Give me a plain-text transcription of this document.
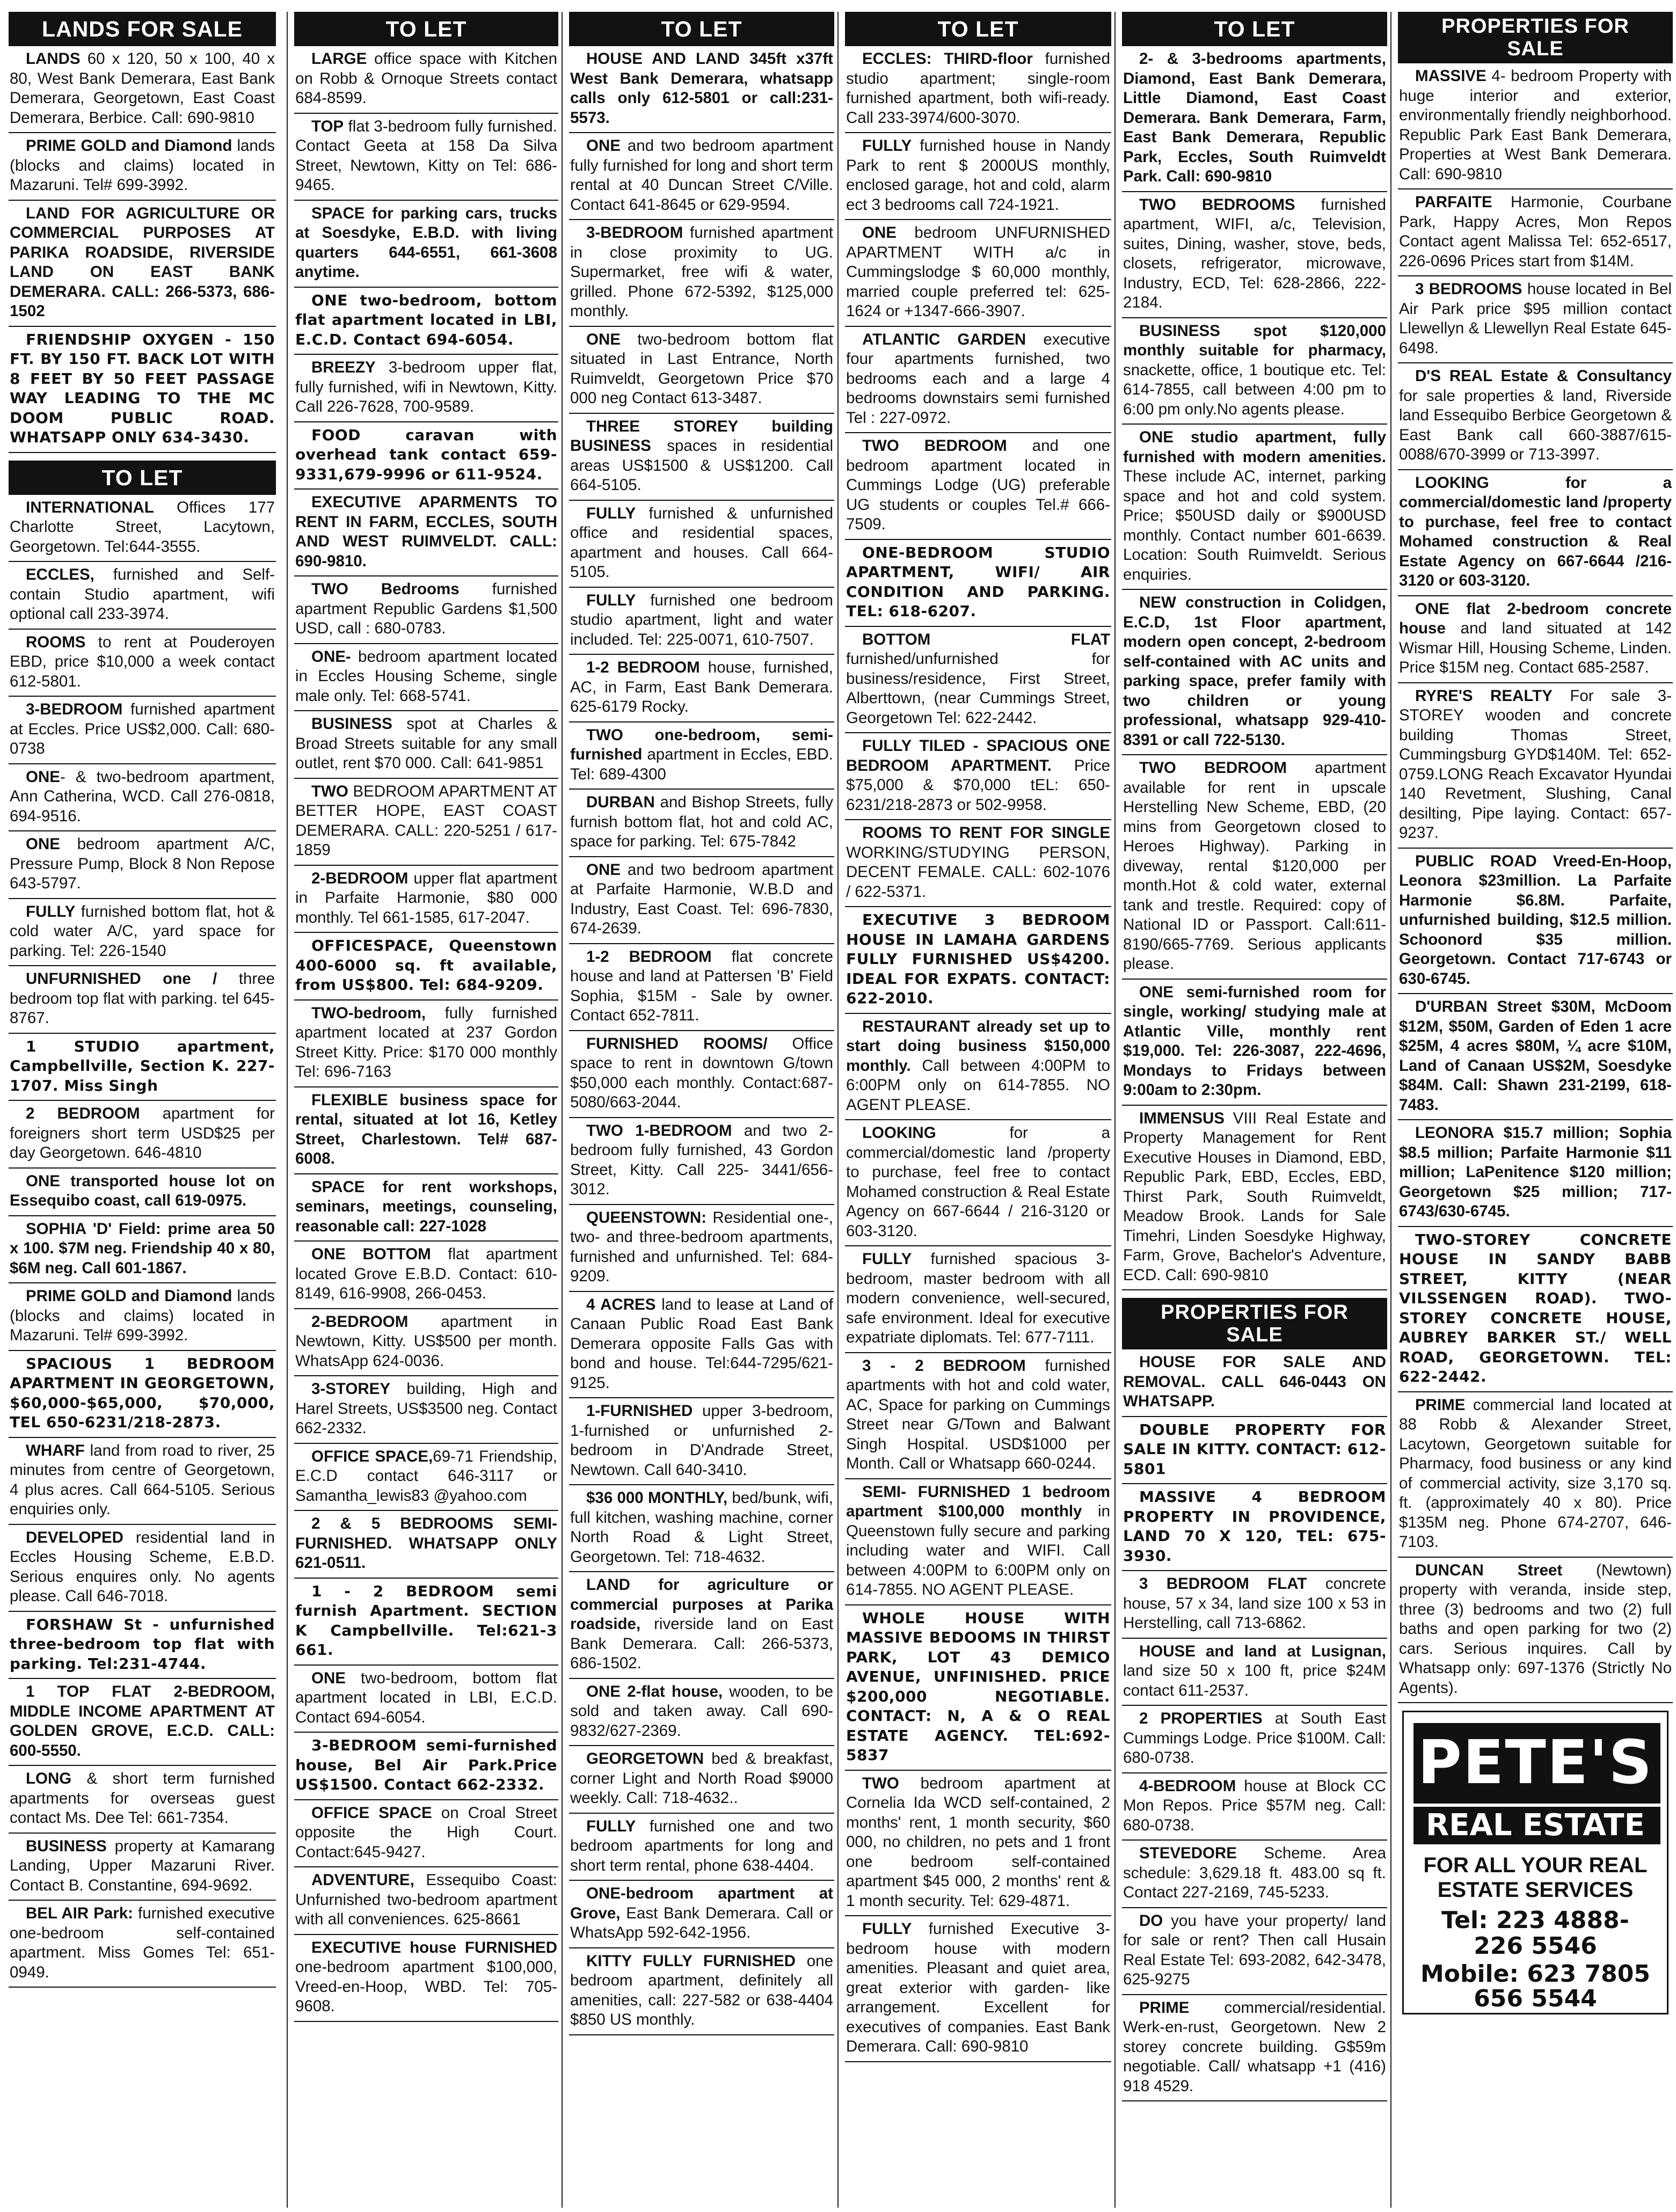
LANDS FOR SALE
LANDS 60 x 120, 50 x 100, 40 x 80, West Bank Demerara, East Bank Demerara, Georgetown, East Coast Demerara, Berbice. Call: 690-9810
PRIME GOLD and Diamond lands (blocks and claims) located in Mazaruni. Tel# 699-3992.
LAND FOR AGRICULTURE OR COMMERCIAL PURPOSES AT PARIKA ROADSIDE, RIVERSIDE LAND ON EAST BANK DEMERARA. CALL: 266-5373, 686-1502
FRIENDSHIP OXYGEN - 150 FT. BY 150 FT. BACK LOT WITH 8 FEET BY 50 FEET PASSAGE WAY LEADING TO THE MC DOOM PUBLIC ROAD. WHATSAPP ONLY 634-3430.
TO LET
INTERNATIONAL Offices 177 Charlotte Street, Lacytown, Georgetown. Tel:644-3555.
ECCLES, furnished and Self-contain Studio apartment, wifi optional call 233-3974.
ROOMS to rent at Pouderoyen EBD, price $10,000 a week contact 612-5801.
3-BEDROOM furnished apartment at Eccles. Price US$2,000. Call: 680-0738
ONE- & two-bedroom apartment, Ann Catherina, WCD. Call 276-0818, 694-9516.
ONE bedroom apartment A/C, Pressure Pump, Block 8 Non Repose 643-5797.
FULLY furnished bottom flat, hot & cold water A/C, yard space for parking. Tel: 226-1540
UNFURNISHED one / three bedroom top flat with parking. tel 645-8767.
1 STUDIO apartment, Campbellville, Section K. 227-1707. Miss Singh
2 BEDROOM apartment for foreigners short term USD$25 per day Georgetown. 646-4810
ONE transported house lot on Essequibo coast, call 619-0975.
SOPHIA 'D' Field: prime area 50 x 100. $7M neg. Friendship 40 x 80, $6M neg. Call 601-1867.
PRIME GOLD and Diamond lands (blocks and claims) located in Mazaruni. Tel# 699-3992.
SPACIOUS 1 BEDROOM APARTMENT IN GEORGETOWN, $60,000-$65,000, $70,000, TEL 650-6231/218-2873.
WHARF land from road to river, 25 minutes from centre of Georgetown, 4 plus acres. Call 664-5105. Serious enquiries only.
DEVELOPED residential land in Eccles Housing Scheme, E.B.D. Serious enquires only. No agents please. Call 646-7018.
FORSHAW St - unfurnished three-bedroom top flat with parking. Tel:231-4744.
1 TOP FLAT 2-BEDROOM, MIDDLE INCOME APARTMENT AT GOLDEN GROVE, E.C.D. CALL: 600-5550.
LONG & short term furnished apartments for overseas guest contact Ms. Dee Tel: 661-7354.
BUSINESS property at Kamarang Landing, Upper Mazaruni River. Contact B. Constantine, 694-9692.
BEL AIR Park: furnished executive one-bedroom self-contained apartment. Miss Gomes Tel: 651-0949.
TO LET
LARGE office space with Kitchen on Robb & Ornoque Streets contact 684-8599.
TOP flat 3-bedroom fully furnished. Contact Geeta at 158 Da Silva Street, Newtown, Kitty on Tel: 686-9465.
SPACE for parking cars, trucks at Soesdyke, E.B.D. with living quarters 644-6551, 661-3608 anytime.
ONE two-bedroom, bottom flat apartment located in LBI, E.C.D. Contact 694-6054.
BREEZY 3-bedroom upper flat, fully furnished, wifi in Newtown, Kitty. Call 226-7628, 700-9589.
FOOD caravan with overhead tank contact 659-9331,679-9996 or 611-9524.
EXECUTIVE APARMENTS TO RENT IN FARM, ECCLES, SOUTH AND WEST RUIMVELDT. CALL: 690-9810.
TWO Bedrooms furnished apartment Republic Gardens $1,500 USD, call : 680-0783.
ONE- bedroom apartment located in Eccles Housing Scheme, single male only. Tel: 668-5741.
BUSINESS spot at Charles & Broad Streets suitable for any small outlet, rent $70 000. Call: 641-9851
TWO BEDROOM APARTMENT AT BETTER HOPE, EAST COAST DEMERARA. CALL: 220-5251 / 617-1859
2-BEDROOM upper flat apartment in Parfaite Harmonie, $80 000 monthly. Tel 661-1585, 617-2047.
OFFICESPACE, Queenstown 400-6000 sq. ft available, from US$800. Tel: 684-9209.
TWO-bedroom, fully furnished apartment located at 237 Gordon Street Kitty. Price: $170 000 monthly Tel: 696-7163
FLEXIBLE business space for rental, situated at lot 16, Ketley Street, Charlestown. Tel# 687-6008.
SPACE for rent workshops, seminars, meetings, counseling, reasonable call: 227-1028
ONE BOTTOM flat apartment located Grove E.B.D. Contact: 610-8149, 616-9908, 266-0453.
2-BEDROOM apartment in Newtown, Kitty. US$500 per month. WhatsApp 624-0036.
3-STOREY building, High and Harel Streets, US$3500 neg. Contact 662-2332.
OFFICE SPACE,69-71 Friendship, E.C.D contact 646-3117 or Samantha_lewis83 @yahoo.com
2 & 5 BEDROOMS SEMI-FURNISHED. WHATSAPP ONLY 621-0511.
1 - 2 BEDROOM semi furnish Apartment. SECTION K Campbellville. Tel:621-3 661.
ONE two-bedroom, bottom flat apartment located in LBI, E.C.D. Contact 694-6054.
3-BEDROOM semi-furnished house, Bel Air Park.Price US$1500. Contact 662-2332.
OFFICE SPACE on Croal Street opposite the High Court. Contact:645-9427.
ADVENTURE, Essequibo Coast: Unfurnished two-bedroom apartment with all conveniences. 625-8661
EXECUTIVE house FURNISHED one-bedroom apartment $100,000, Vreed-en-Hoop, WBD. Tel: 705-9608.
TO LET
HOUSE AND LAND 345ft x37ft West Bank Demerara, whatsapp calls only 612-5801 or call:231-5573.
ONE and two bedroom apartment fully furnished for long and short term rental at 40 Duncan Street C/Ville. Contact 641-8645 or 629-9594.
3-BEDROOM furnished apartment in close proximity to UG. Supermarket, free wifi & water, grilled. Phone 672-5392, $125,000 monthly.
ONE two-bedroom bottom flat situated in Last Entrance, North Ruimveldt, Georgetown Price $70 000 neg Contact 613-3487.
THREE STOREY building BUSINESS spaces in residential areas US$1500 & US$1200. Call 664-5105.
FULLY furnished & unfurnished office and residential spaces, apartment and houses. Call 664-5105.
FULLY furnished one bedroom studio apartment, light and water included. Tel: 225-0071, 610-7507.
1-2 BEDROOM house, furnished, AC, in Farm, East Bank Demerara. 625-6179 Rocky.
TWO one-bedroom, semi-furnished apartment in Eccles, EBD. Tel: 689-4300
DURBAN and Bishop Streets, fully furnish bottom flat, hot and cold AC, space for parking. Tel: 675-7842
ONE and two bedroom apartment at Parfaite Harmonie, W.B.D and Industry, East Coast. Tel: 696-7830, 674-2639.
1-2 BEDROOM flat concrete house and land at Pattersen 'B' Field Sophia, $15M - Sale by owner. Contact 652-7811.
FURNISHED ROOMS/ Office space to rent in downtown G/town $50,000 each monthly. Contact:687-5080/663-2044.
TWO 1-BEDROOM and two 2-bedroom fully furnished, 43 Gordon Street, Kitty. Call 225- 3441/656-3012.
QUEENSTOWN: Residential one-, two- and three-bedroom apartments, furnished and unfurnished. Tel: 684-9209.
4 ACRES land to lease at Land of Canaan Public Road East Bank Demerara opposite Falls Gas with bond and house. Tel:644-7295/621-9125.
1-FURNISHED upper 3-bedroom, 1-furnished or unfurnished 2-bedroom in D'Andrade Street, Newtown. Call 640-3410.
$36 000 MONTHLY, bed/bunk, wifi, full kitchen, washing machine, corner North Road & Light Street, Georgetown. Tel: 718-4632.
LAND for agriculture or commercial purposes at Parika roadside, riverside land on East Bank Demerara. Call: 266-5373, 686-1502.
ONE 2-flat house, wooden, to be sold and taken away. Call 690-9832/627-2369.
GEORGETOWN bed & breakfast, corner Light and North Road $9000 weekly. Call: 718-4632..
FULLY furnished one and two bedroom apartments for long and short term rental, phone 638-4404.
ONE-bedroom apartment at Grove, East Bank Demerara. Call or WhatsApp 592-642-1956.
KITTY FULLY FURNISHED one bedroom apartment, definitely all amenities, call: 227-582 or 638-4404 $850 US monthly.
TO LET
ECCLES: THIRD-floor furnished studio apartment; single-room furnished apartment, both wifi-ready. Call 233-3974/600-3070.
FULLY furnished house in Nandy Park to rent $ 2000US monthly, enclosed garage, hot and cold, alarm ect 3 bedrooms call 724-1921.
ONE bedroom UNFURNISHED APARTMENT WITH a/c in Cummingslodge $ 60,000 monthly, married couple preferred tel: 625-1624 or +1347-666-3907.
ATLANTIC GARDEN executive four apartments furnished, two bedrooms each and a large 4 bedrooms downstairs semi furnished Tel : 227-0972.
TWO BEDROOM and one bedroom apartment located in Cummings Lodge (UG) preferable UG students or couples Tel.# 666-7509.
ONE-BEDROOM STUDIO APARTMENT, WIFI/ AIR CONDITION AND PARKING. TEL: 618-6207.
BOTTOM FLAT furnished/unfurnished for business/residence, First Street, Alberttown, (near Cummings Street, Georgetown Tel: 622-2442.
FULLY TILED - SPACIOUS ONE BEDROOM APARTMENT. Price $75,000 & $70,000 tEL: 650-6231/218-2873 or 502-9958.
ROOMS TO RENT FOR SINGLE WORKING/STUDYING PERSON, DECENT FEMALE. CALL: 602-1076 / 622-5371.
EXECUTIVE 3 BEDROOM HOUSE IN LAMAHA GARDENS FULLY FURNISHED US$4200. IDEAL FOR EXPATS. CONTACT: 622-2010.
RESTAURANT already set up to start doing business $150,000 monthly. Call between 4:00PM to 6:00PM only on 614-7855. NO AGENT PLEASE.
LOOKING for a commercial/domestic land /property to purchase, feel free to contact Mohamed construction & Real Estate Agency on 667-6644 / 216-3120 or 603-3120.
FULLY furnished spacious 3-bedroom, master bedroom with all modern convenience, well-secured, safe environment. Ideal for executive expatriate diplomats. Tel: 677-7111.
3 - 2 BEDROOM furnished apartments with hot and cold water, AC, Space for parking on Cummings Street near G/Town and Balwant Singh Hospital. USD$1000 per Month. Call or Whatsapp 660-0244.
SEMI- FURNISHED 1 bedroom apartment $100,000 monthly in Queenstown fully secure and parking including water and WIFI. Call between 4:00PM to 6:00PM only on 614-7855. NO AGENT PLEASE.
WHOLE HOUSE WITH MASSIVE BEDOOMS IN THIRST PARK, LOT 43 DEMICO AVENUE, UNFINISHED. PRICE $200,000 NEGOTIABLE. CONTACT: N, A & O REAL ESTATE AGENCY. TEL:692-5837
TWO bedroom apartment at Cornelia Ida WCD self-contained, 2 months' rent, 1 month security, $60 000, no children, no pets and 1 front one bedroom self-contained apartment $45 000, 2 months' rent & 1 month security. Tel: 629-4871.
FULLY furnished Executive 3- bedroom house with modern amenities. Pleasant and quiet area, great exterior with garden- like arrangement. Excellent for executives of companies. East Bank Demerara. Call: 690-9810
TO LET
2- & 3-bedrooms apartments, Diamond, East Bank Demerara, Little Diamond, East Coast Demerara. Bank Demerara, Farm, East Bank Demerara, Republic Park, Eccles, South Ruimveldt Park. Call: 690-9810
TWO BEDROOMS furnished apartment, WIFI, a/c, Television, suites, Dining, washer, stove, beds, closets, refrigerator, microwave, Industry, ECD, Tel: 628-2866, 222-2184.
BUSINESS spot $120,000 monthly suitable for pharmacy, snackette, office, 1 boutique etc. Tel: 614-7855, call between 4:00 pm to 6:00 pm only.No agents please.
ONE studio apartment, fully furnished with modern amenities. These include AC, internet, parking space and hot and cold system. Price; $50USD daily or $900USD monthly. Contact number 601-6639. Location: South Ruimveldt. Serious enquiries.
NEW construction in Colidgen, E.C.D, 1st Floor apartment, modern open concept, 2-bedroom self-contained with AC units and parking space, prefer family with two children or young professional, whatsapp 929-410-8391 or call 722-5130.
TWO BEDROOM apartment available for rent in upscale Herstelling New Scheme, EBD, (20 mins from Georgetown closed to Heroes Highway). Parking in diveway, rental $120,000 per month.Hot & cold water, external tank and trestle. Required: copy of National ID or Passport. Call:611-8190/665-7769. Serious applicants please.
ONE semi-furnished room for single, working/ studying male at Atlantic Ville, monthly rent $19,000. Tel: 226-3087, 222-4696, Mondays to Fridays between 9:00am to 2:30pm.
IMMENSUS VIII Real Estate and Property Management for Rent Executive Houses in Diamond, EBD, Republic Park, EBD, Eccles, EBD, Thirst Park, South Ruimveldt, Meadow Brook. Lands for Sale Timehri, Linden Soesdyke Highway, Farm, Grove, Bachelor's Adventure, ECD. Call: 690-9810
PROPERTIES FOR SALE
HOUSE FOR SALE AND REMOVAL. CALL 646-0443 ON WHATSAPP.
DOUBLE PROPERTY FOR SALE IN KITTY. CONTACT: 612-5801
MASSIVE 4 BEDROOM PROPERTY IN PROVIDENCE, LAND 70 X 120, TEL: 675-3930.
3 BEDROOM FLAT concrete house, 57 x 34, land size 100 x 53 in Herstelling, call 713-6862.
HOUSE and land at Lusignan, land size 50 x 100 ft, price $24M contact 611-2537.
2 PROPERTIES at South East Cummings Lodge. Price $100M. Call: 680-0738.
4-BEDROOM house at Block CC Mon Repos. Price $57M neg. Call: 680-0738.
STEVEDORE Scheme. Area schedule: 3,629.18 ft. 483.00 sq ft. Contact 227-2169, 745-5233.
DO you have your property/ land for sale or rent? Then call Husain Real Estate Tel: 693-2082, 642-3478, 625-9275
PRIME commercial/residential. Werk-en-rust, Georgetown. New 2 storey concrete building. G$59m negotiable. Call/ whatsapp +1 (416) 918 4529.
PROPERTIES FOR SALE
MASSIVE 4- bedroom Property with huge interior and exterior, environmentally friendly neighborhood. Republic Park East Bank Demerara, Properties at West Bank Demerara. Call: 690-9810
PARFAITE Harmonie, Courbane Park, Happy Acres, Mon Repos Contact agent Malissa Tel: 652-6517, 226-0696 Prices start from $14M.
3 BEDROOMS house located in Bel Air Park price $95 million contact Llewellyn & Llewellyn Real Estate 645-6498.
D'S REAL Estate & Consultancy for sale properties & land, Riverside land Essequibo Berbice Georgetown & East Bank call 660-3887/615-0088/670-3999 or 713-3997.
LOOKING for a commercial/domestic land /property to purchase, feel free to contact Mohamed construction & Real Estate Agency on 667-6644 /216-3120 or 603-3120.
ONE flat 2-bedroom concrete house and land situated at 142 Wismar Hill, Housing Scheme, Linden. Price $15M neg. Contact 685-2587.
RYRE'S REALTY For sale 3-STOREY wooden and concrete building Thomas Street, Cummingsburg GYD$140M. Tel: 652-0759.LONG Reach Excavator Hyundai 140 Revetment, Slushing, Canal desilting, Pipe laying. Contact: 657-9237.
PUBLIC ROAD Vreed-En-Hoop, Leonora $23million. La Parfaite Harmonie $6.8M. Parfaite, unfurnished building, $12.5 million. Schoonord $35 million. Georgetown. Contact 717-6743 or 630-6745.
D'URBAN Street $30M, McDoom $12M, $50M, Garden of Eden 1 acre $25M, 4 acres $80M, ¼ acre $10M, Land of Canaan US$2M, Soesdyke $84M. Call: Shawn 231-2199, 618-7483.
LEONORA $15.7 million; Sophia $8.5 million; Parfaite Harmonie $11 million; LaPenitence $120 million; Georgetown $25 million; 717-6743/630-6745.
TWO-STOREY CONCRETE HOUSE IN SANDY BABB STREET, KITTY (NEAR VILSSENGEN ROAD). TWO-STOREY CONCRETE HOUSE, AUBREY BARKER ST./ WELL ROAD, GEORGETOWN. TEL: 622-2442.
PRIME commercial land located at 88 Robb & Alexander Street, Lacytown, Georgetown suitable for Pharmacy, food business or any kind of commercial activity, size 3,170 sq. ft. (approximately 40 x 80). Price $135M neg. Phone 674-2707, 646-7103.
DUNCAN Street (Newtown) property with veranda, inside step, three (3) bedrooms and two (2) full baths and open parking for two (2) cars. Serious inquires. Call by Whatsapp only: 697-1376 (Strictly No Agents).
PETE'S
REAL ESTATE
FOR ALL YOUR REAL
ESTATE SERVICES
Tel: 223 4888-
226 5546
Mobile: 623 7805
656 5544
